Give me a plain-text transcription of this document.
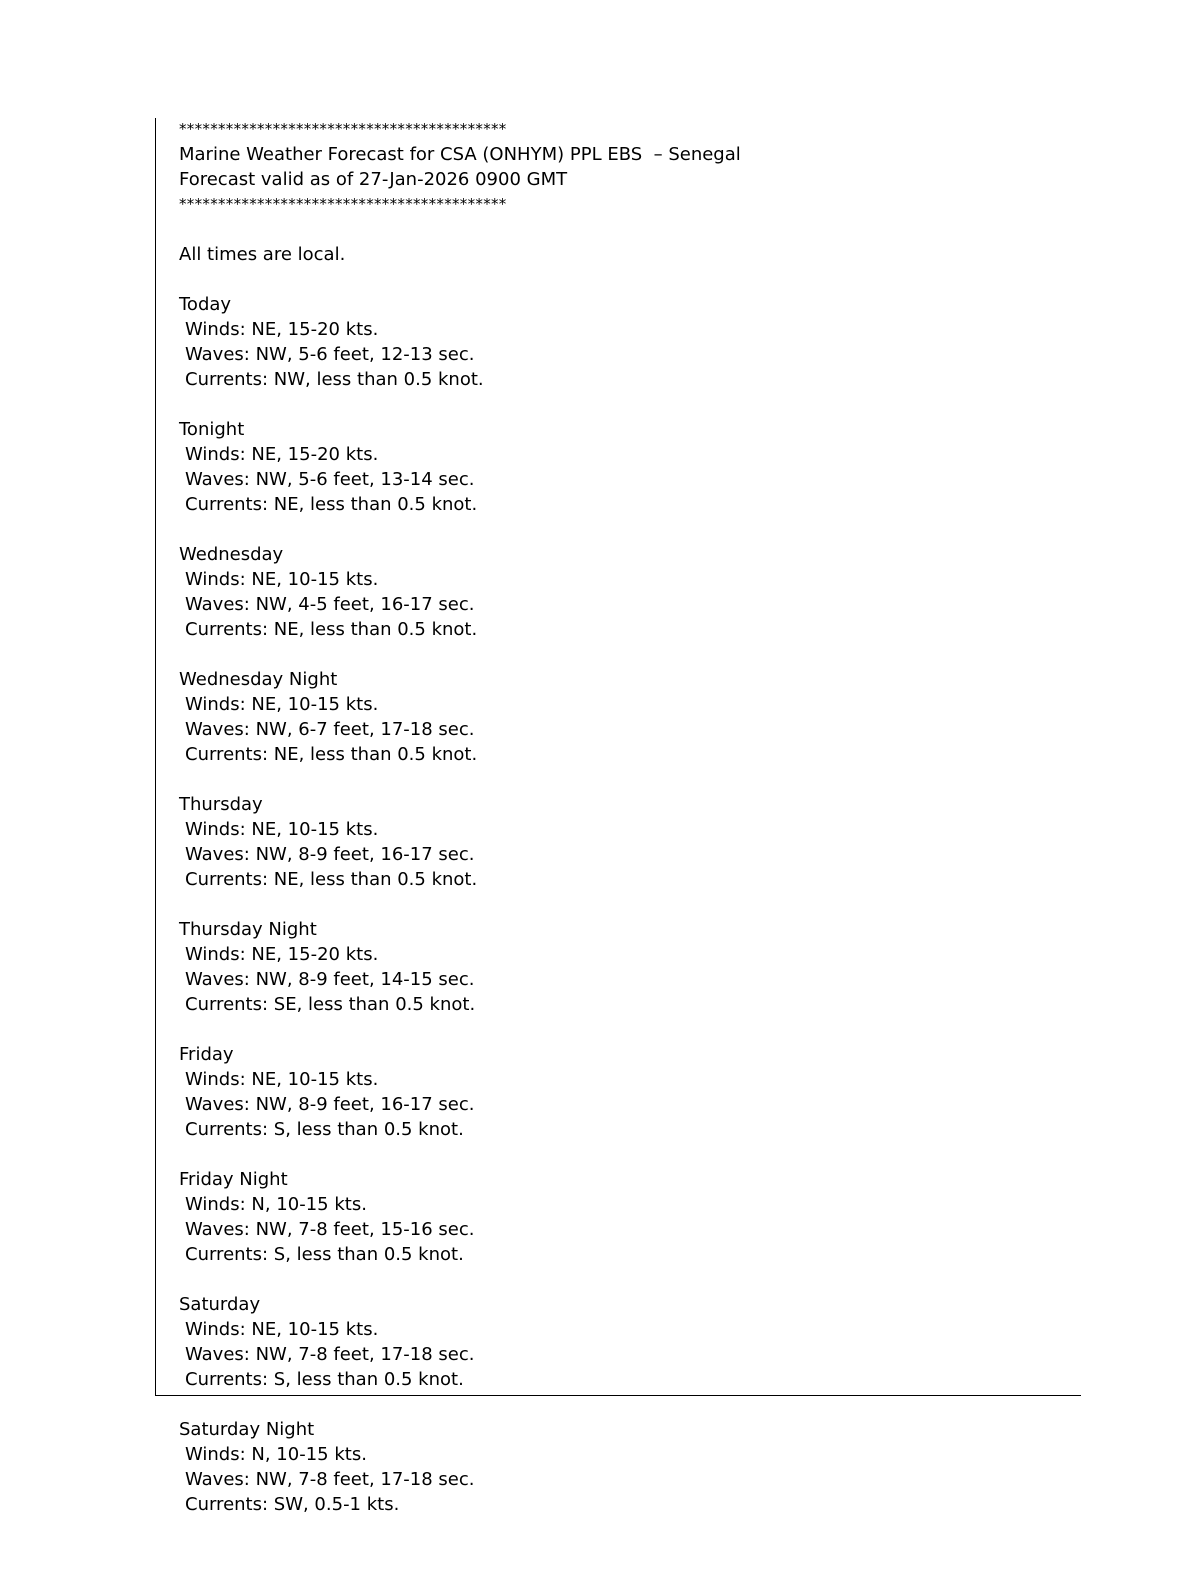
******************************************
Marine Weather Forecast for CSA (ONHYM) PPL EBS  – Senegal
Forecast valid as of 27-Jan-2026 0900 GMT
******************************************
All times are local.
Today
Winds: NE, 15-20 kts.
Waves: NW, 5-6 feet, 12-13 sec.
Currents: NW, less than 0.5 knot.
Tonight
Winds: NE, 15-20 kts.
Waves: NW, 5-6 feet, 13-14 sec.
Currents: NE, less than 0.5 knot.
Wednesday
Winds: NE, 10-15 kts.
Waves: NW, 4-5 feet, 16-17 sec.
Currents: NE, less than 0.5 knot.
Wednesday Night
Winds: NE, 10-15 kts.
Waves: NW, 6-7 feet, 17-18 sec.
Currents: NE, less than 0.5 knot.
Thursday
Winds: NE, 10-15 kts.
Waves: NW, 8-9 feet, 16-17 sec.
Currents: NE, less than 0.5 knot.
Thursday Night
Winds: NE, 15-20 kts.
Waves: NW, 8-9 feet, 14-15 sec.
Currents: SE, less than 0.5 knot.
Friday
Winds: NE, 10-15 kts.
Waves: NW, 8-9 feet, 16-17 sec.
Currents: S, less than 0.5 knot.
Friday Night
Winds: N, 10-15 kts.
Waves: NW, 7-8 feet, 15-16 sec.
Currents: S, less than 0.5 knot.
Saturday
Winds: NE, 10-15 kts.
Waves: NW, 7-8 feet, 17-18 sec.
Currents: S, less than 0.5 knot.
Saturday Night
Winds: N, 10-15 kts.
Waves: NW, 7-8 feet, 17-18 sec.
Currents: SW, 0.5-1 kts.
